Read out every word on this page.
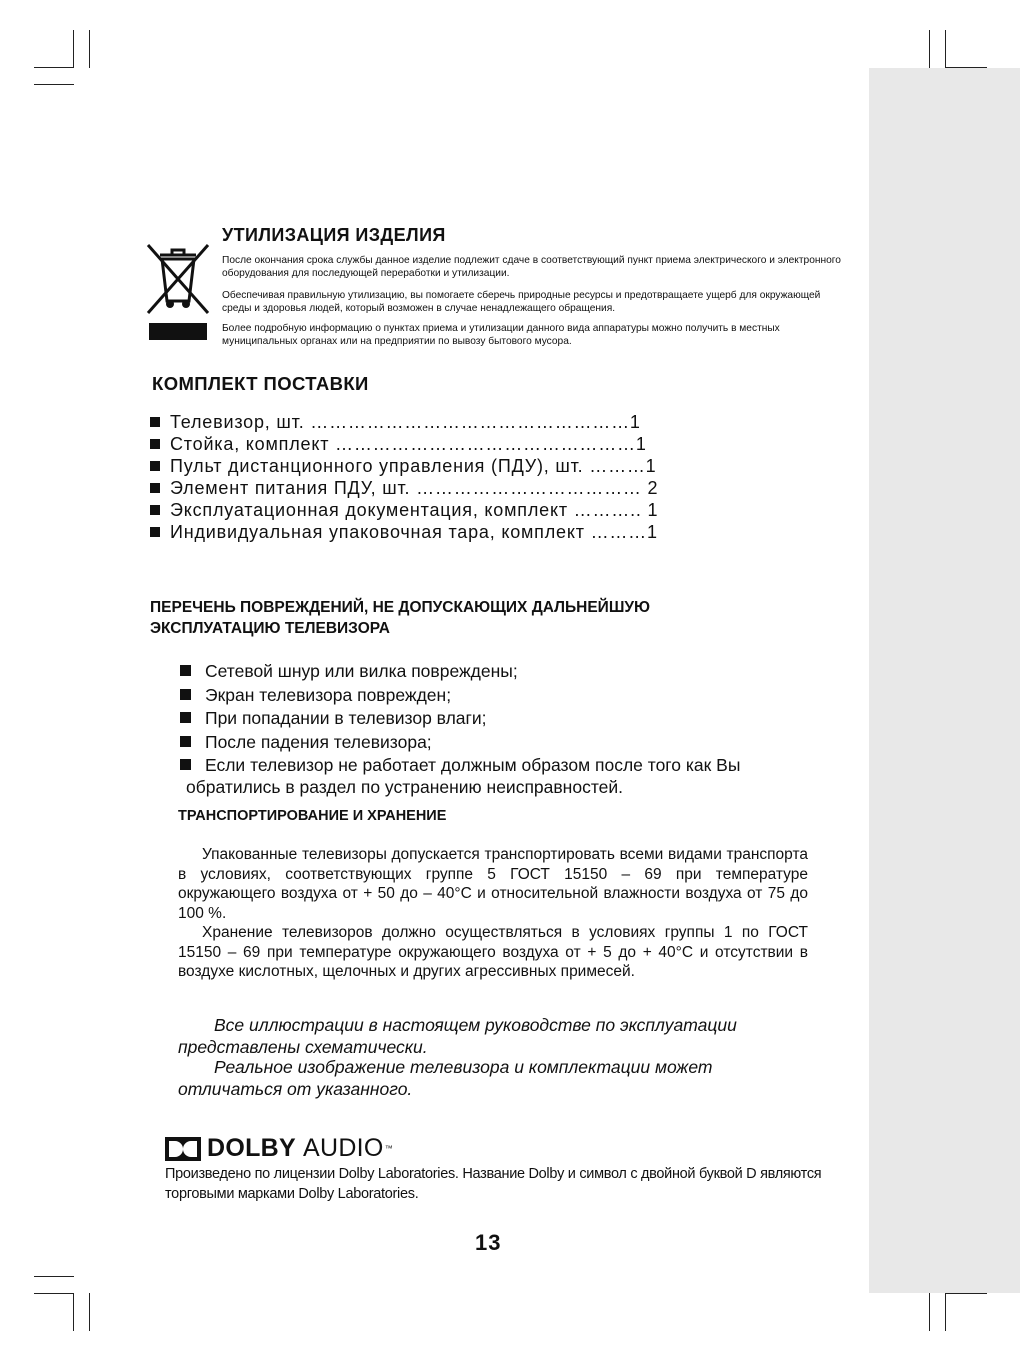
УТИЛИЗАЦИЯ ИЗДЕЛИЯ

После окончания срока службы данное изделие подлежит сдаче в соответствующий пункт приема электрического и электронного оборудования для последующей переработки и утилизации.

Обеспечивая правильную утилизацию, вы помогаете сберечь природные ресурсы и предотвращаете ущерб для окружающей среды и здоровья людей, который возможен в случае ненадлежащего обращения.

Более подробную информацию о пунктах приема и утилизации данного вида аппаратуры можно получить в местных муниципальных органах или на предприятии по вывозу бытового мусора.

КОМПЛЕКТ ПОСТАВКИ
Телевизор, шт. ……………………………………………1
Стойка, комплект …………………………………………1
Пульт дистанционного управления (ПДУ), шт. ………1
Элемент питания ПДУ, шт. ……………………………… 2
Эксплуатационная документация, комплект ……….. 1
Индивидуальная упаковочная тара, комплект ………1
ПЕРЕЧЕНЬ ПОВРЕЖДЕНИЙ, НЕ ДОПУСКАЮЩИХ ДАЛЬНЕЙШУЮ
ЭКСПЛУАТАЦИЮ ТЕЛЕВИЗОРА
Сетевой шнур или вилка повреждены;
Экран телевизора поврежден;
При попадании в телевизор влаги;
После падения телевизора;
Если телевизор не работает должным образом после того как Вы
обратились в раздел по устранению неисправностей.
ТРАНСПОРТИРОВАНИЕ И ХРАНЕНИЕ

Упакованные телевизоры допускается транспортировать всеми видами транспорта в условиях, соответствующих группе 5 ГОСТ 15150 – 69 при температуре окружающего воздуха от + 50 до – 40°C и относительной влажности воздуха от 75 до 100 %.

Хранение телевизоров должно осуществляться в условиях группы 1 по ГОСТ 15150 – 69 при температуре окружающего воздуха от + 5 до + 40°C и отсутствии в воздухе кислотных, щелочных и других агрессивных примесей.

Все иллюстрации в настоящем руководстве по эксплуатации представлены схематически.

Реальное изображение телевизора и комплектации может отличаться от указанного.

DOLBY AUDIO ™

Произведено по лицензии Dolby Laboratories. Название Dolby и символ с двойной буквой D являются торговыми марками Dolby Laboratories.

13
